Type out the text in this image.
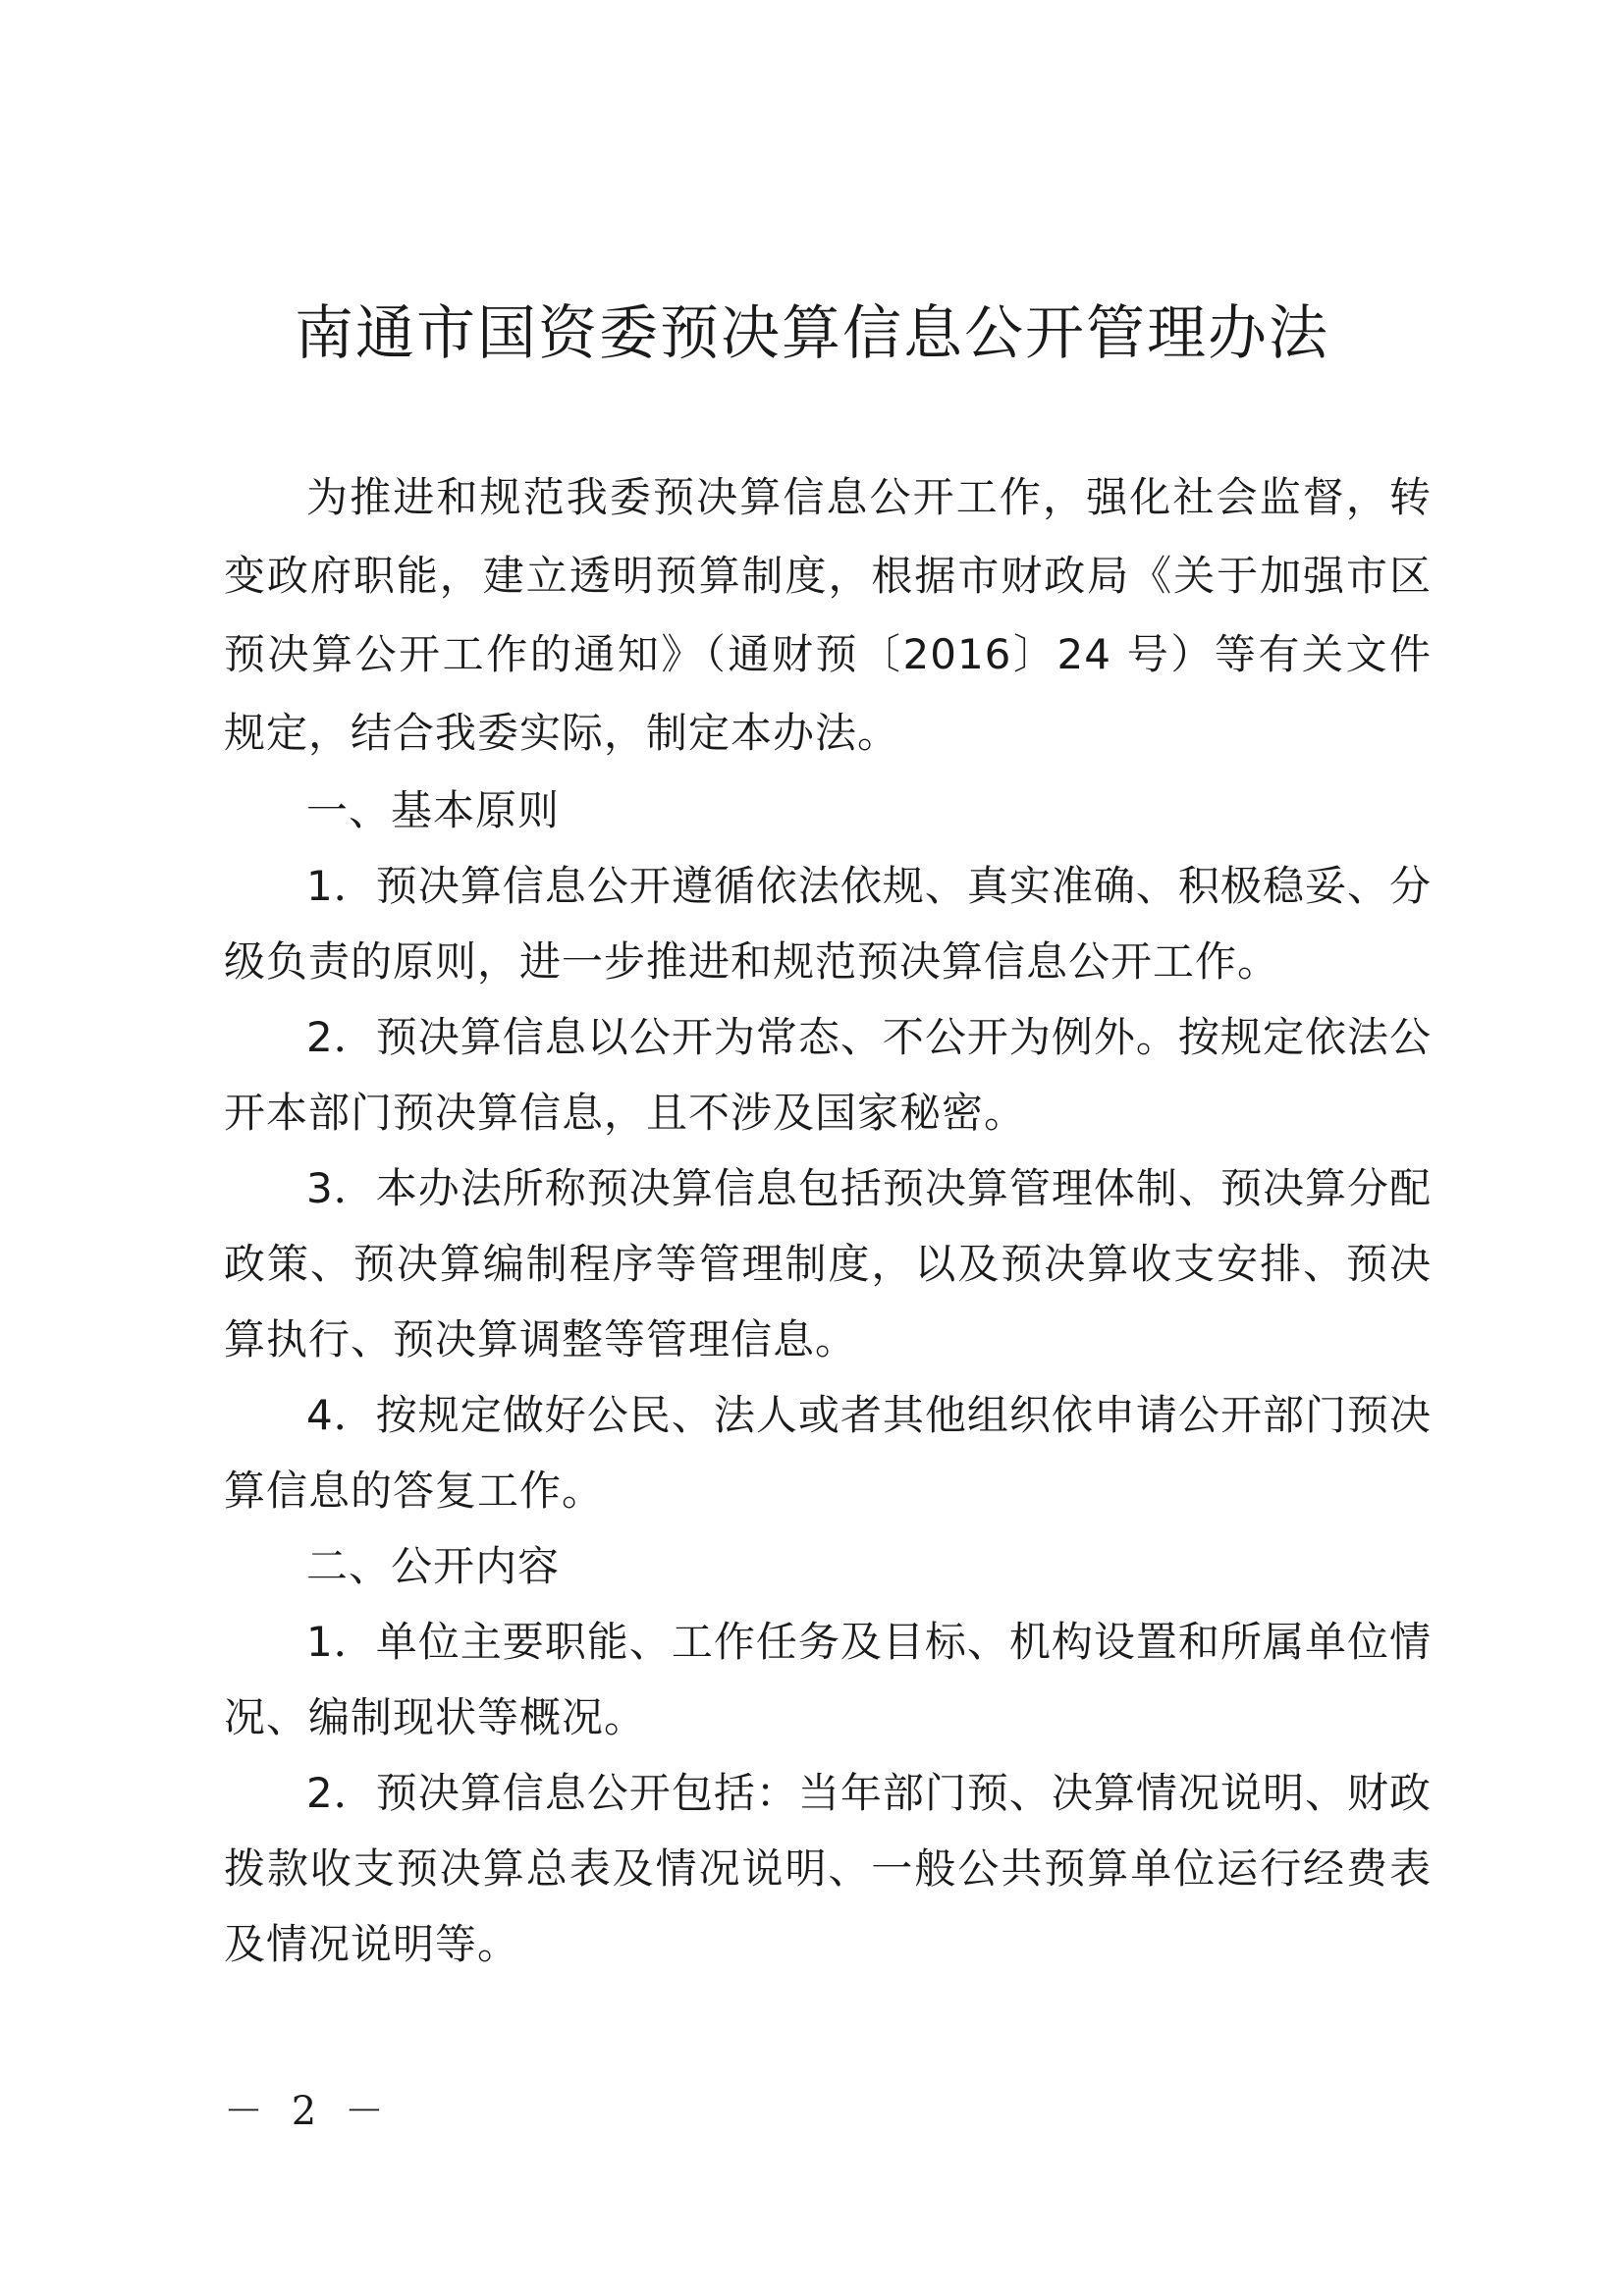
南通市国资委预决算信息公开管理办法

为推进和规范我委预决算信息公开工作，强化社会监督，转变政府职能，建立透明预算制度，根据市财政局《关于加强市区预决算公开工作的通知》（通财预〔2016〕24 号）等有关文件规定，结合我委实际，制定本办法。

一、基本原则

1．预决算信息公开遵循依法依规、真实准确、积极稳妥、分级负责的原则，进一步推进和规范预决算信息公开工作。

2．预决算信息以公开为常态、不公开为例外。按规定依法公开本部门预决算信息，且不涉及国家秘密。

3．本办法所称预决算信息包括预决算管理体制、预决算分配政策、预决算编制程序等管理制度，以及预决算收支安排、预决算执行、预决算调整等管理信息。

4．按规定做好公民、法人或者其他组织依申请公开部门预决算信息的答复工作。

二、公开内容

1．单位主要职能、工作任务及目标、机构设置和所属单位情况、编制现状等概况。

2．预决算信息公开包括：当年部门预、决算情况说明、财政拨款收支预决算总表及情况说明、一般公共预算单位运行经费表及情况说明等。

－ 2 －
